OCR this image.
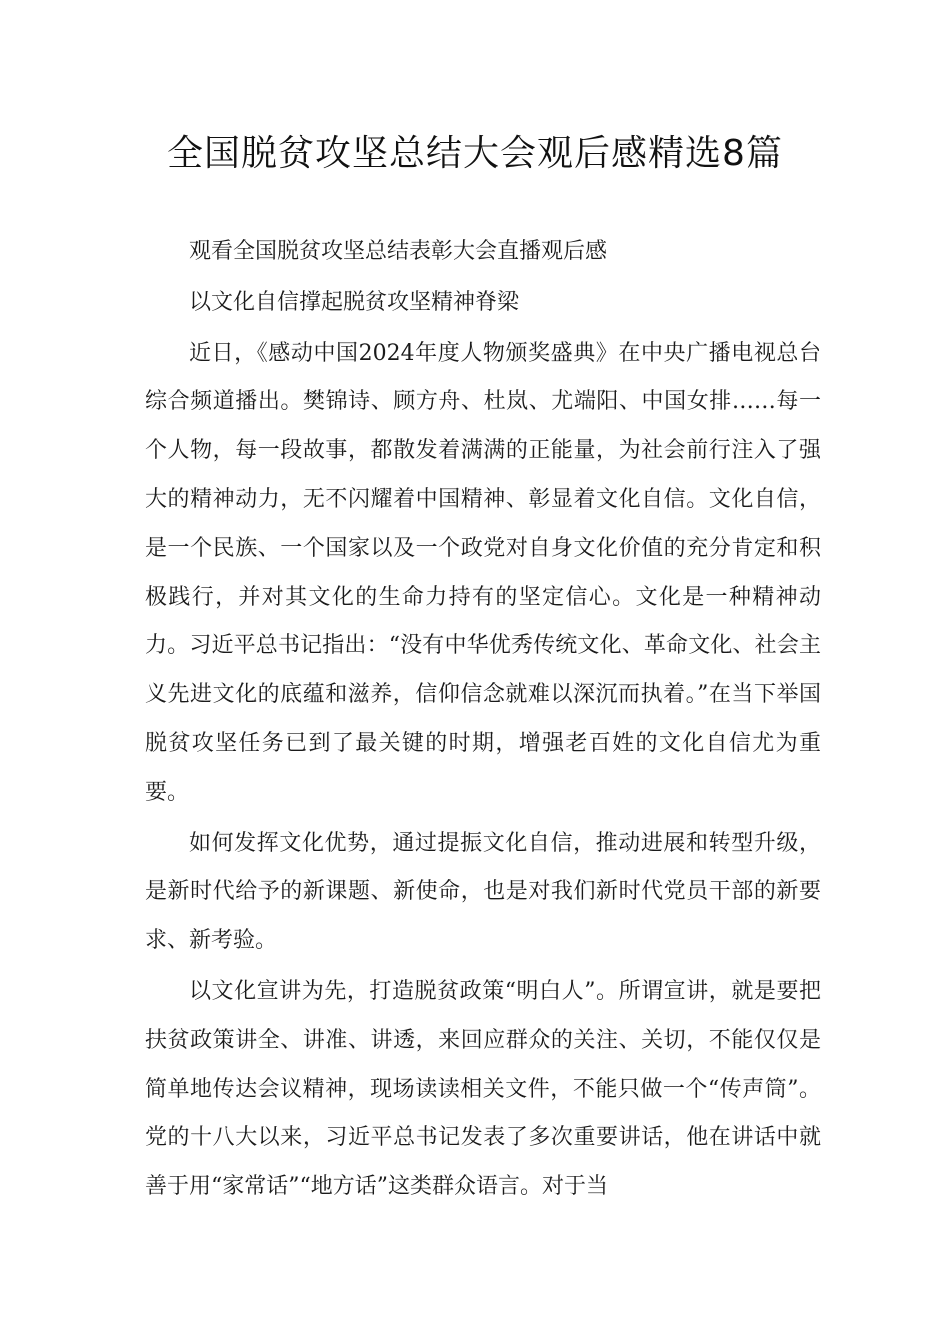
全国脱贫攻坚总结大会观后感精选8篇

观看全国脱贫攻坚总结表彰大会直播观后感

以文化自信撑起脱贫攻坚精神脊梁

近日，《感动中国2024年度人物颁奖盛典》在中央广播电视总台综合频道播出。樊锦诗、顾方舟、杜岚、尤端阳、中国女排……每一个人物，每一段故事，都散发着满满的正能量，为社会前行注入了强大的精神动力，无不闪耀着中国精神、彰显着文化自信。文化自信，是一个民族、一个国家以及一个政党对自身文化价值的充分肯定和积极践行，并对其文化的生命力持有的坚定信心。文化是一种精神动力。习近平总书记指出：“没有中华优秀传统文化、革命文化、社会主义先进文化的底蕴和滋养，信仰信念就难以深沉而执着。”在当下举国脱贫攻坚任务已到了最关键的时期，增强老百姓的文化自信尤为重要。

如何发挥文化优势，通过提振文化自信，推动进展和转型升级，是新时代给予的新课题、新使命，也是对我们新时代党员干部的新要求、新考验。

以文化宣讲为先，打造脱贫政策“明白人”。所谓宣讲，就是要把扶贫政策讲全、讲准、讲透，来回应群众的关注、关切，不能仅仅是简单地传达会议精神，现场读读相关文件，不能只做一个“传声筒”。党的十八大以来，习近平总书记发表了多次重要讲话，他在讲话中就善于用“家常话”“地方话”这类群众语言。对于当
